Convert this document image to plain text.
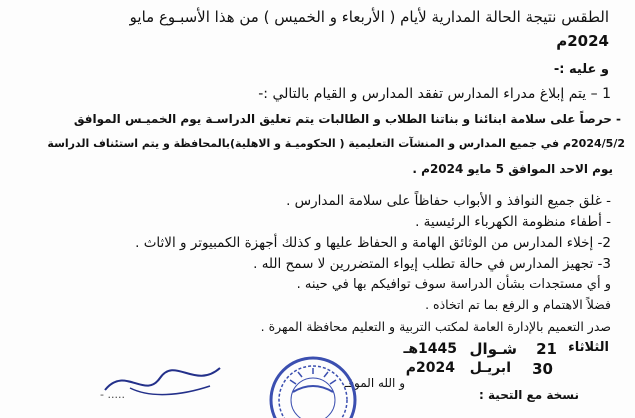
الطقس نتيجة الحالة المدارية لأيام ( الأربعاء و الخميس ) من هذا الأسبـوع مايو
2024م
و عليه :-
1 – يتم إبلاغ مدراء المدارس تفقد المدارس و القيام بالتالي :-
- حرصاً على سلامة ابنائنا و بناتنا الطلاب و الطالبات يتم تعليق الدراسـة يوم الخميـس الموافق
2024/5/2م في جميع المدارس و المنشآت التعليمية ( الحكوميـة و الاهلية)بالمحافظة و يتم استئناف الدراسة
يوم الاحد الموافق 5 مايو 2024م .
- غلق جميع النوافذ و الأبواب حفاظاً على سلامة المدارس .
- أطفاء منظومة الكهرباء الرئيسية .
2- إخلاء المدارس من الوثائق الهامة و الحفاظ عليها و كذلك أجهزة الكمبيوتر و الاثاث .
3- تجهيز المدارس في حالة تطلب إيواء المتضررين لا سمح الله .
و أي مستجدات بشأن الدراسة سوف توافيكم بها في حينه .
فضلاً الاهتمام و الرفع بما تم اتخاذه .
صدر التعميم بالإدارة العامة لمكتب التربية و التعليم محافظة المهرة .
الثلاثاء
21
شـوال
1445هـ
30
ابريـل
2024م
و الله الموفـ
نسخة مع التحية :
- .....
